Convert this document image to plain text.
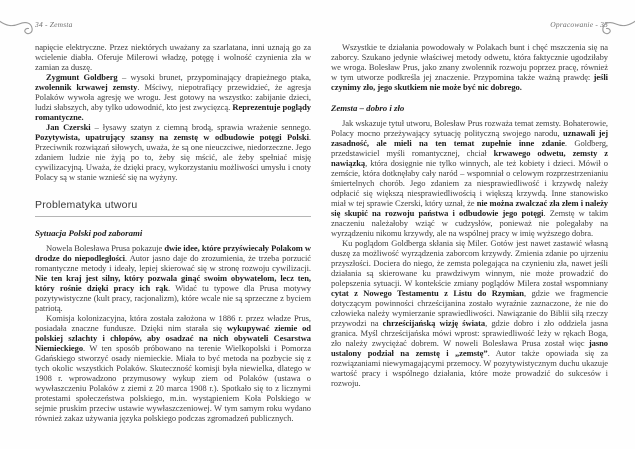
34 - Zemsta

napięcie elektryczne. Przez niektórych uważany za szarlatana, inni uznają go za wcielenie diabła. Oferuje Milerowi władzę, potęgę i wolność czynienia zła w zamian za duszę.

Zygmunt Goldberg – wysoki brunet, przypominający drapieżnego ptaka, zwolennik krwawej zemsty. Mściwy, niepotrafiący przewidzieć, że agresja Polaków wywoła agresję we wrogu. Jest gotowy na wszystko: zabijanie dzieci, ludzi słabszych, aby tylko udowodnić, kto jest zwycięzcą. Reprezentuje poglądy romantyczne.

Jan Czerski – łysawy szatyn z ciemną brodą, sprawia wrażenie sennego. Pozytywista, upatrujący szansy na zemstę w odbudowie potęgi Polski. Przeciwnik rozwiązań siłowych, uważa, że są one nieuczciwe, niedorzeczne. Jego zdaniem ludzie nie żyją po to, żeby się mścić, ale żeby spełniać misję cywilizacyjną. Uważa, że dzięki pracy, wykorzystaniu możliwości umysłu i cnoty Polacy są w stanie wznieść się na wyżyny.

Problematyka utworu
Sytuacja Polski pod zaborami

Nowela Bolesława Prusa pokazuje dwie idee, które przyświecały Polakom w drodze do niepodległości. Autor jasno daje do zrozumienia, że trzeba porzucić romantyczne metody i ideały, lepiej skierować się w stronę rozwoju cywilizacji. Nie ten kraj jest silny, który pozwala ginąć swoim obywatelom, lecz ten, który rośnie dzięki pracy ich rąk. Widać tu typowe dla Prusa motywy pozytywistyczne (kult pracy, racjonalizm), które wcale nie są sprzeczne z byciem patriotą.

Komisja kolonizacyjna, która została założona w 1886 r. przez władze Prus, posiadała znaczne fundusze. Dzięki nim starała się wykupywać ziemie od polskiej szlachty i chłopów, aby osadzać na nich obywateli Cesarstwa Niemieckiego. W ten sposób próbowano na terenie Wielkopolski i Pomorza Gdańskiego stworzyć osady niemieckie. Miała to być metoda na pozbycie się z tych okolic wszystkich Polaków. Skuteczność komisji była niewielka, dlatego w 1908 r. wprowadzono przymusowy wykup ziem od Polaków (ustawa o wywłaszczeniu Polaków z ziemi z 20 marca 1908 r.). Spotkało się to z licznymi protestami społeczeństwa polskiego, m.in. wystąpieniem Koła Polskiego w sejmie pruskim przeciw ustawie wywłaszczeniowej. W tym samym roku wydano również zakaz używania języka polskiego podczas zgromadzeń publicznych.

Opracowanie - 35

Wszystkie te działania powodowały w Polakach bunt i chęć mszczenia się na zaborcy. Szukano jedynie właściwej metody odwetu, która faktycznie ugodziłaby we wroga. Bolesław Prus, jako znany zwolennik rozwoju poprzez pracę, również w tym utworze podkreśla jej znaczenie. Przypomina także ważną prawdę: jeśli czynimy zło, jego skutkiem nie może być nic dobrego.

Zemsta – dobro i zło

Jak wskazuje tytuł utworu, Bolesław Prus rozważa temat zemsty. Bohaterowie, Polacy mocno przeżywający sytuację polityczną swojego narodu, uznawali jej zasadność, ale mieli na ten temat zupełnie inne zdanie. Goldberg, przedstawiciel myśli romantycznej, chciał krwawego odwetu, zemsty z nawiązką, która dosięgnie nie tylko winnych, ale też kobiety i dzieci. Mówił o zemście, która dotknęłaby cały naród – wspomniał o celowym rozprzestrzenianiu śmiertelnych chorób. Jego zdaniem za niesprawiedliwość i krzywdę należy odpłacić się większą niesprawiedliwością i większą krzywdą. Inne stanowisko miał w tej sprawie Czerski, który uznał, że nie można zwalczać zła złem i należy się skupić na rozwoju państwa i odbudowie jego potęgi. Zemstę w takim znaczeniu należałoby wziąć w cudzysłów, ponieważ nie polegałaby na wyrządzeniu nikomu krzywdy, ale na wspólnej pracy w imię wyższego dobra.

Ku poglądom Goldberga skłania się Miler. Gotów jest nawet zastawić własną duszę za możliwość wyrządzenia zaborcom krzywdy. Zmienia zdanie po ujrzeniu przyszłości. Dociera do niego, że zemsta polegająca na czynieniu zła, nawet jeśli działania są skierowane ku prawdziwym winnym, nie może prowadzić do polepszenia sytuacji. W kontekście zmiany poglądów Milera został wspomniany cytat z Nowego Testamentu z Listu do Rzymian, gdzie we fragmencie dotyczącym powinności chrześcijanina zostało wyraźnie zaznaczone, że nie do człowieka należy wymierzanie sprawiedliwości. Nawiązanie do Biblii siłą rzeczy przywodzi na chrześcijańską wizję świata, gdzie dobro i zło oddziela jasna granica. Myśl chrześcijańska mówi wprost: sprawiedliwość leży w rękach Boga, zło należy zwyciężać dobrem. W noweli Bolesława Prusa został więc jasno ustalony podział na zemstę i „zemstę”. Autor także opowiada się za rozwiązaniami niewymagającymi przemocy. W pozytywistycznym duchu ukazuje wartość pracy i wspólnego działania, które może prowadzić do sukcesów i rozwoju.
